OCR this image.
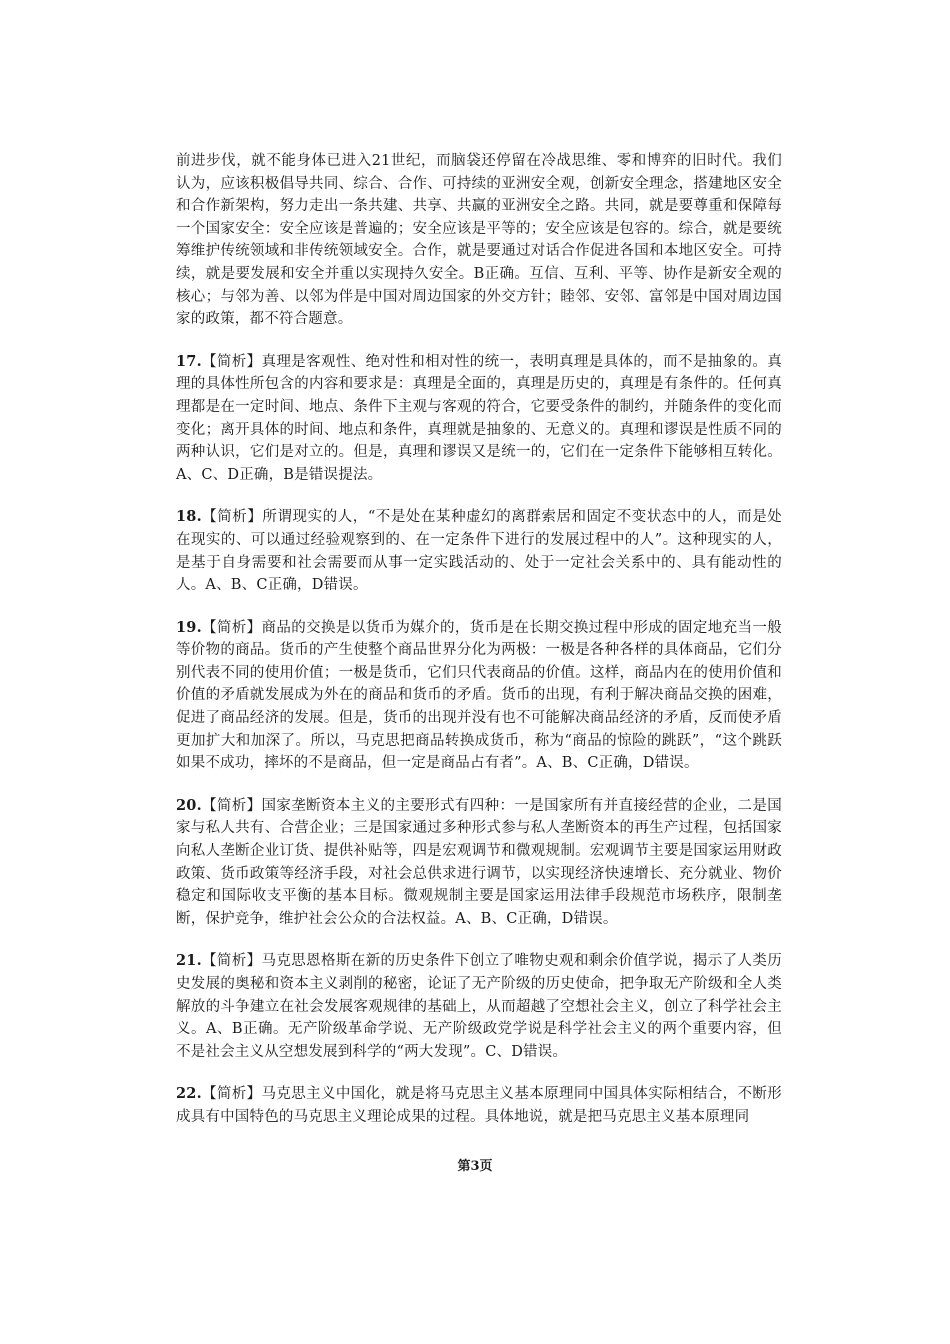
前进步伐，就不能身体已进入21世纪，而脑袋还停留在冷战思维、零和博弈的旧时代。我们认为，应该积极倡导共同、综合、合作、可持续的亚洲安全观，创新安全理念，搭建地区安全和合作新架构，努力走出一条共建、共享、共赢的亚洲安全之路。共同，就是要尊重和保障每一个国家安全：安全应该是普遍的；安全应该是平等的；安全应该是包容的。综合，就是要统筹维护传统领域和非传统领域安全。合作，就是要通过对话合作促进各国和本地区安全。可持续，就是要发展和安全并重以实现持久安全。B正确。互信、互利、平等、协作是新安全观的核心；与邻为善、以邻为伴是中国对周边国家的外交方针；睦邻、安邻、富邻是中国对周边国家的政策，都不符合题意。

17.【简析】真理是客观性、绝对性和相对性的统一，表明真理是具体的，而不是抽象的。真理的具体性所包含的内容和要求是：真理是全面的，真理是历史的，真理是有条件的。任何真理都是在一定时间、地点、条件下主观与客观的符合，它要受条件的制约，并随条件的变化而变化；离开具体的时间、地点和条件，真理就是抽象的、无意义的。真理和谬误是性质不同的两种认识，它们是对立的。但是，真理和谬误又是统一的，它们在一定条件下能够相互转化。A、C、D正确，B是错误提法。

18.【简析】所谓现实的人，“不是处在某种虚幻的离群索居和固定不变状态中的人，而是处在现实的、可以通过经验观察到的、在一定条件下进行的发展过程中的人”。这种现实的人，是基于自身需要和社会需要而从事一定实践活动的、处于一定社会关系中的、具有能动性的人。A、B、C正确，D错误。

19.【简析】商品的交换是以货币为媒介的，货币是在长期交换过程中形成的固定地充当一般等价物的商品。货币的产生使整个商品世界分化为两极：一极是各种各样的具体商品，它们分别代表不同的使用价值；一极是货币，它们只代表商品的价值。这样，商品内在的使用价值和价值的矛盾就发展成为外在的商品和货币的矛盾。货币的出现，有利于解决商品交换的困难，促进了商品经济的发展。但是，货币的出现并没有也不可能解决商品经济的矛盾，反而使矛盾更加扩大和加深了。所以，马克思把商品转换成货币，称为“商品的惊险的跳跃”，“这个跳跃如果不成功，摔坏的不是商品，但一定是商品占有者”。A、B、C正确，D错误。

20.【简析】国家垄断资本主义的主要形式有四种：一是国家所有并直接经营的企业，二是国家与私人共有、合营企业；三是国家通过多种形式参与私人垄断资本的再生产过程，包括国家向私人垄断企业订货、提供补贴等，四是宏观调节和微观规制。宏观调节主要是国家运用财政政策、货币政策等经济手段，对社会总供求进行调节，以实现经济快速增长、充分就业、物价稳定和国际收支平衡的基本目标。微观规制主要是国家运用法律手段规范市场秩序，限制垄断，保护竞争，维护社会公众的合法权益。A、B、C正确，D错误。

21.【简析】马克思恩格斯在新的历史条件下创立了唯物史观和剩余价值学说，揭示了人类历史发展的奥秘和资本主义剥削的秘密，论证了无产阶级的历史使命，把争取无产阶级和全人类解放的斗争建立在社会发展客观规律的基础上，从而超越了空想社会主义，创立了科学社会主义。A、B正确。无产阶级革命学说、无产阶级政党学说是科学社会主义的两个重要内容，但不是社会主义从空想发展到科学的“两大发现”。C、D错误。

22.【简析】马克思主义中国化，就是将马克思主义基本原理同中国具体实际相结合，不断形成具有中国特色的马克思主义理论成果的过程。具体地说，就是把马克思主义基本原理同

第3页
